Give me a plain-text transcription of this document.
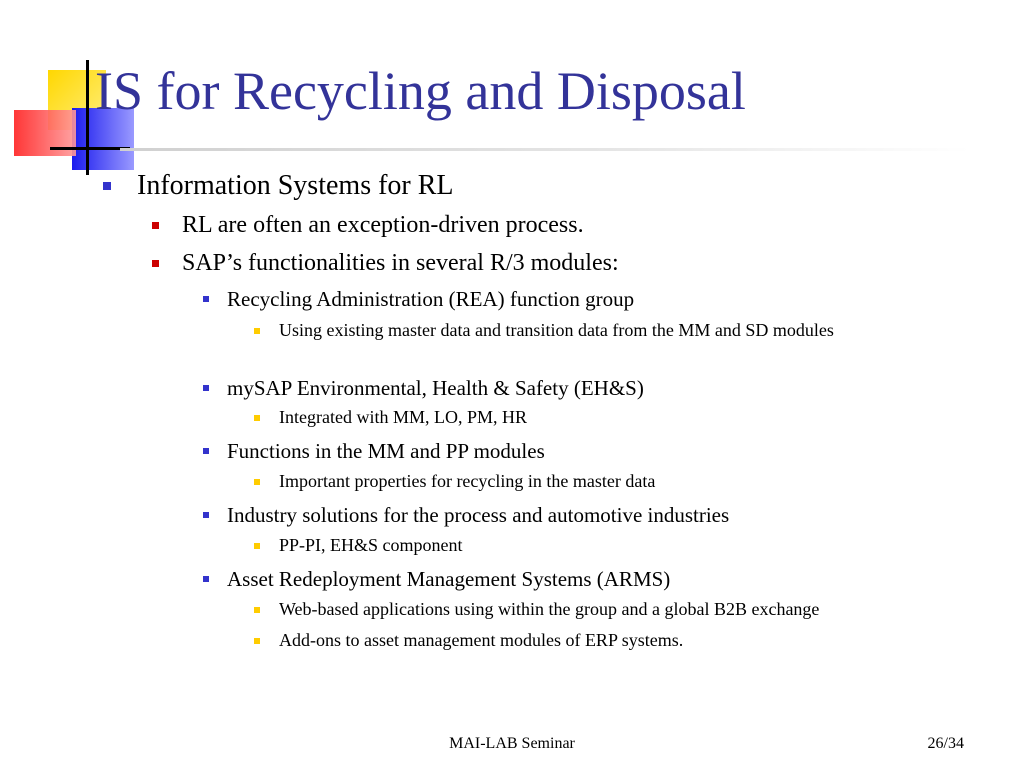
IS for Recycling and Disposal
Information Systems for RL
RL are often an exception-driven process.
SAP’s functionalities in several R/3 modules:
Recycling Administration (REA) function group
Using existing master data and transition data from the MM and SD modules
mySAP Environmental, Health & Safety (EH&S)
Integrated with MM, LO, PM, HR
Functions in the MM and PP modules
Important properties for recycling in the master data
Industry solutions for the process and automotive industries
PP-PI, EH&S component
Asset Redeployment Management Systems (ARMS)
Web-based applications using within the group and a global B2B exchange
Add-ons to asset management modules of ERP systems.
MAI-LAB Seminar	26/34
